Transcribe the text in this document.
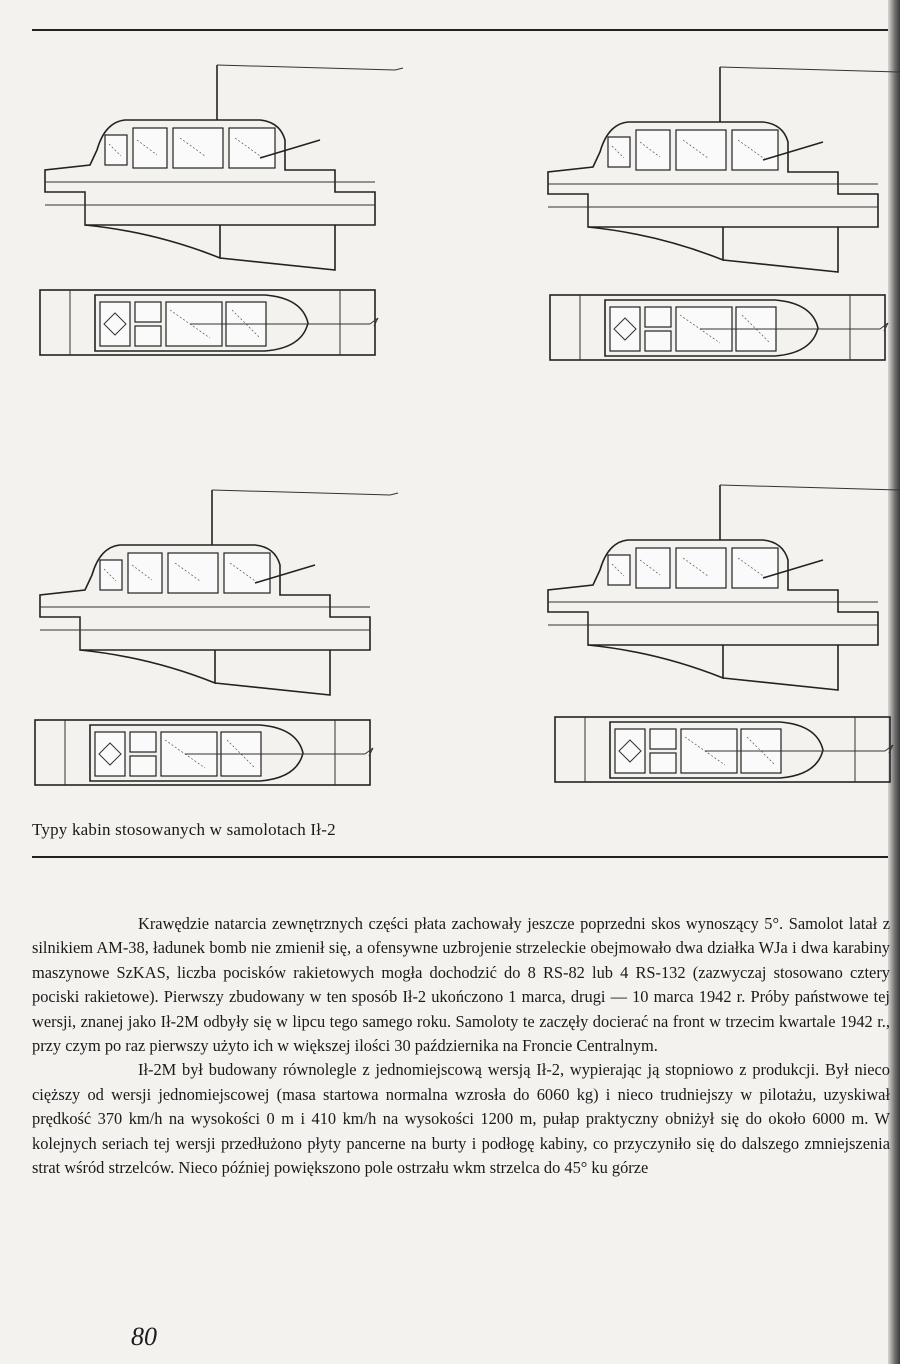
Typy kabin stosowanych w samolotach Ił-2

Krawędzie natarcia zewnętrznych części płata zachowały jeszcze poprzedni skos wynoszący 5°. Samolot latał z silnikiem AM-38, ładunek bomb nie zmienił się, a ofensywne uzbrojenie strzeleckie obejmowało dwa działka WJa i dwa karabiny maszynowe SzKAS, liczba pocisków rakietowych mogła dochodzić do 8 RS-82 lub 4 RS-132 (zazwyczaj stosowano cztery pociski rakietowe). Pierwszy zbudowany w ten sposób Ił-2 ukończono 1 marca, drugi — 10 marca 1942 r. Próby państwowe tej wersji, znanej jako Ił-2M odbyły się w lipcu tego samego roku. Samoloty te zaczęły docierać na front w trzecim kwartale 1942 r., przy czym po raz pierwszy użyto ich w większej ilości 30 października na Froncie Centralnym.

Ił-2M był budowany równolegle z jednomiejscową wersją Ił-2, wypierając ją stopniowo z produkcji. Był nieco cięższy od wersji jednomiejscowej (masa startowa normalna wzrosła do 6060 kg) i nieco trudniejszy w pilotażu, uzyskiwał prędkość 370 km/h na wysokości 0 m i 410 km/h na wysokości 1200 m, pułap praktyczny obniżył się do około 6000 m. W kolejnych seriach tej wersji przedłużono płyty pancerne na burty i podłogę kabiny, co przyczyniło się do dalszego zmniejszenia strat wśród strzelców. Nieco później powiększono pole ostrzału wkm strzelca do 45° ku górze

80
